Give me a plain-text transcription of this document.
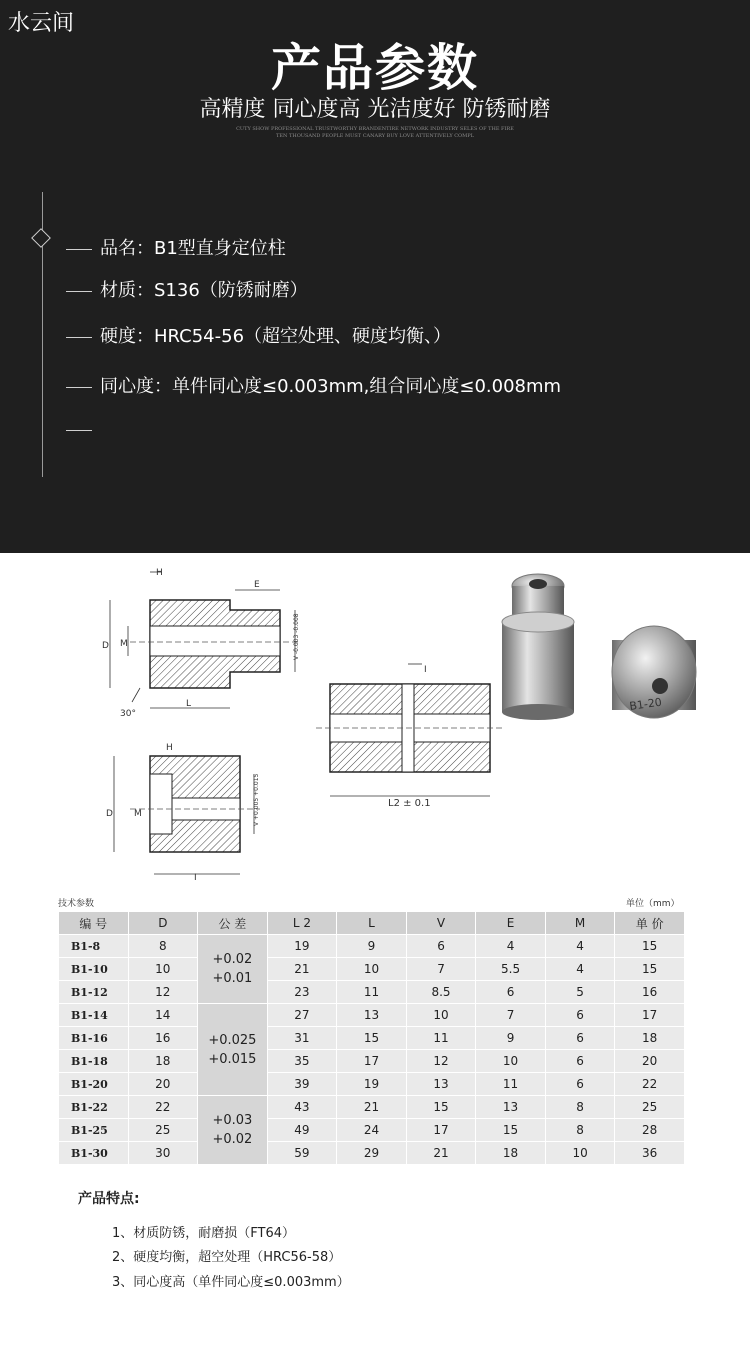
水云间
产品参数
高精度 同心度高 光洁度好 防锈耐磨
CUTY SHOW PROFESSIONAL TRUSTWORTHY BRANDENTIRE NETWORK INDUSTRY SELES OF THE FIRE
TEN THOUSAND PEOPLE MUST CANARY BUY LOVE ATTENTIVELY COMPL
品名：B1型直身定位柱
材质：S136（防锈耐磨）
硬度：HRC54-56（超空处理、硬度均衡、）
同心度：单件同心度≤0.003mm,组合同心度≤0.008mm
H
E
D M
L
V -0.003 -0.008
30°
H
D M	V +0.005 +0.015
I
I
L2 ± 0.1
B1-20
技术参数	单位（mm）
编 号	D	公 差	L 2	L	V	E	M	单 价
B1-8	8	+0.02
+0.01	19	9	6	4	4	15
B1-10	10		21	10	7	5.5	4	15
B1-12	12		23	11	8.5	6	5	16
B1-14	14	+0.025
+0.015	27	13	10	7	6	17
B1-16	16		31	15	11	9	6	18
B1-18	18		35	17	12	10	6	20
B1-20	20		39	19	13	11	6	22
B1-22	22	+0.03
+0.02	43	21	15	13	8	25
B1-25	25		49	24	17	15	8	28
B1-30	30		59	29	21	18	10	36
产品特点:
1、材质防锈，耐磨损（FT64）
2、硬度均衡，超空处理（HRC56-58）
3、同心度高（单件同心度≤0.003mm）
